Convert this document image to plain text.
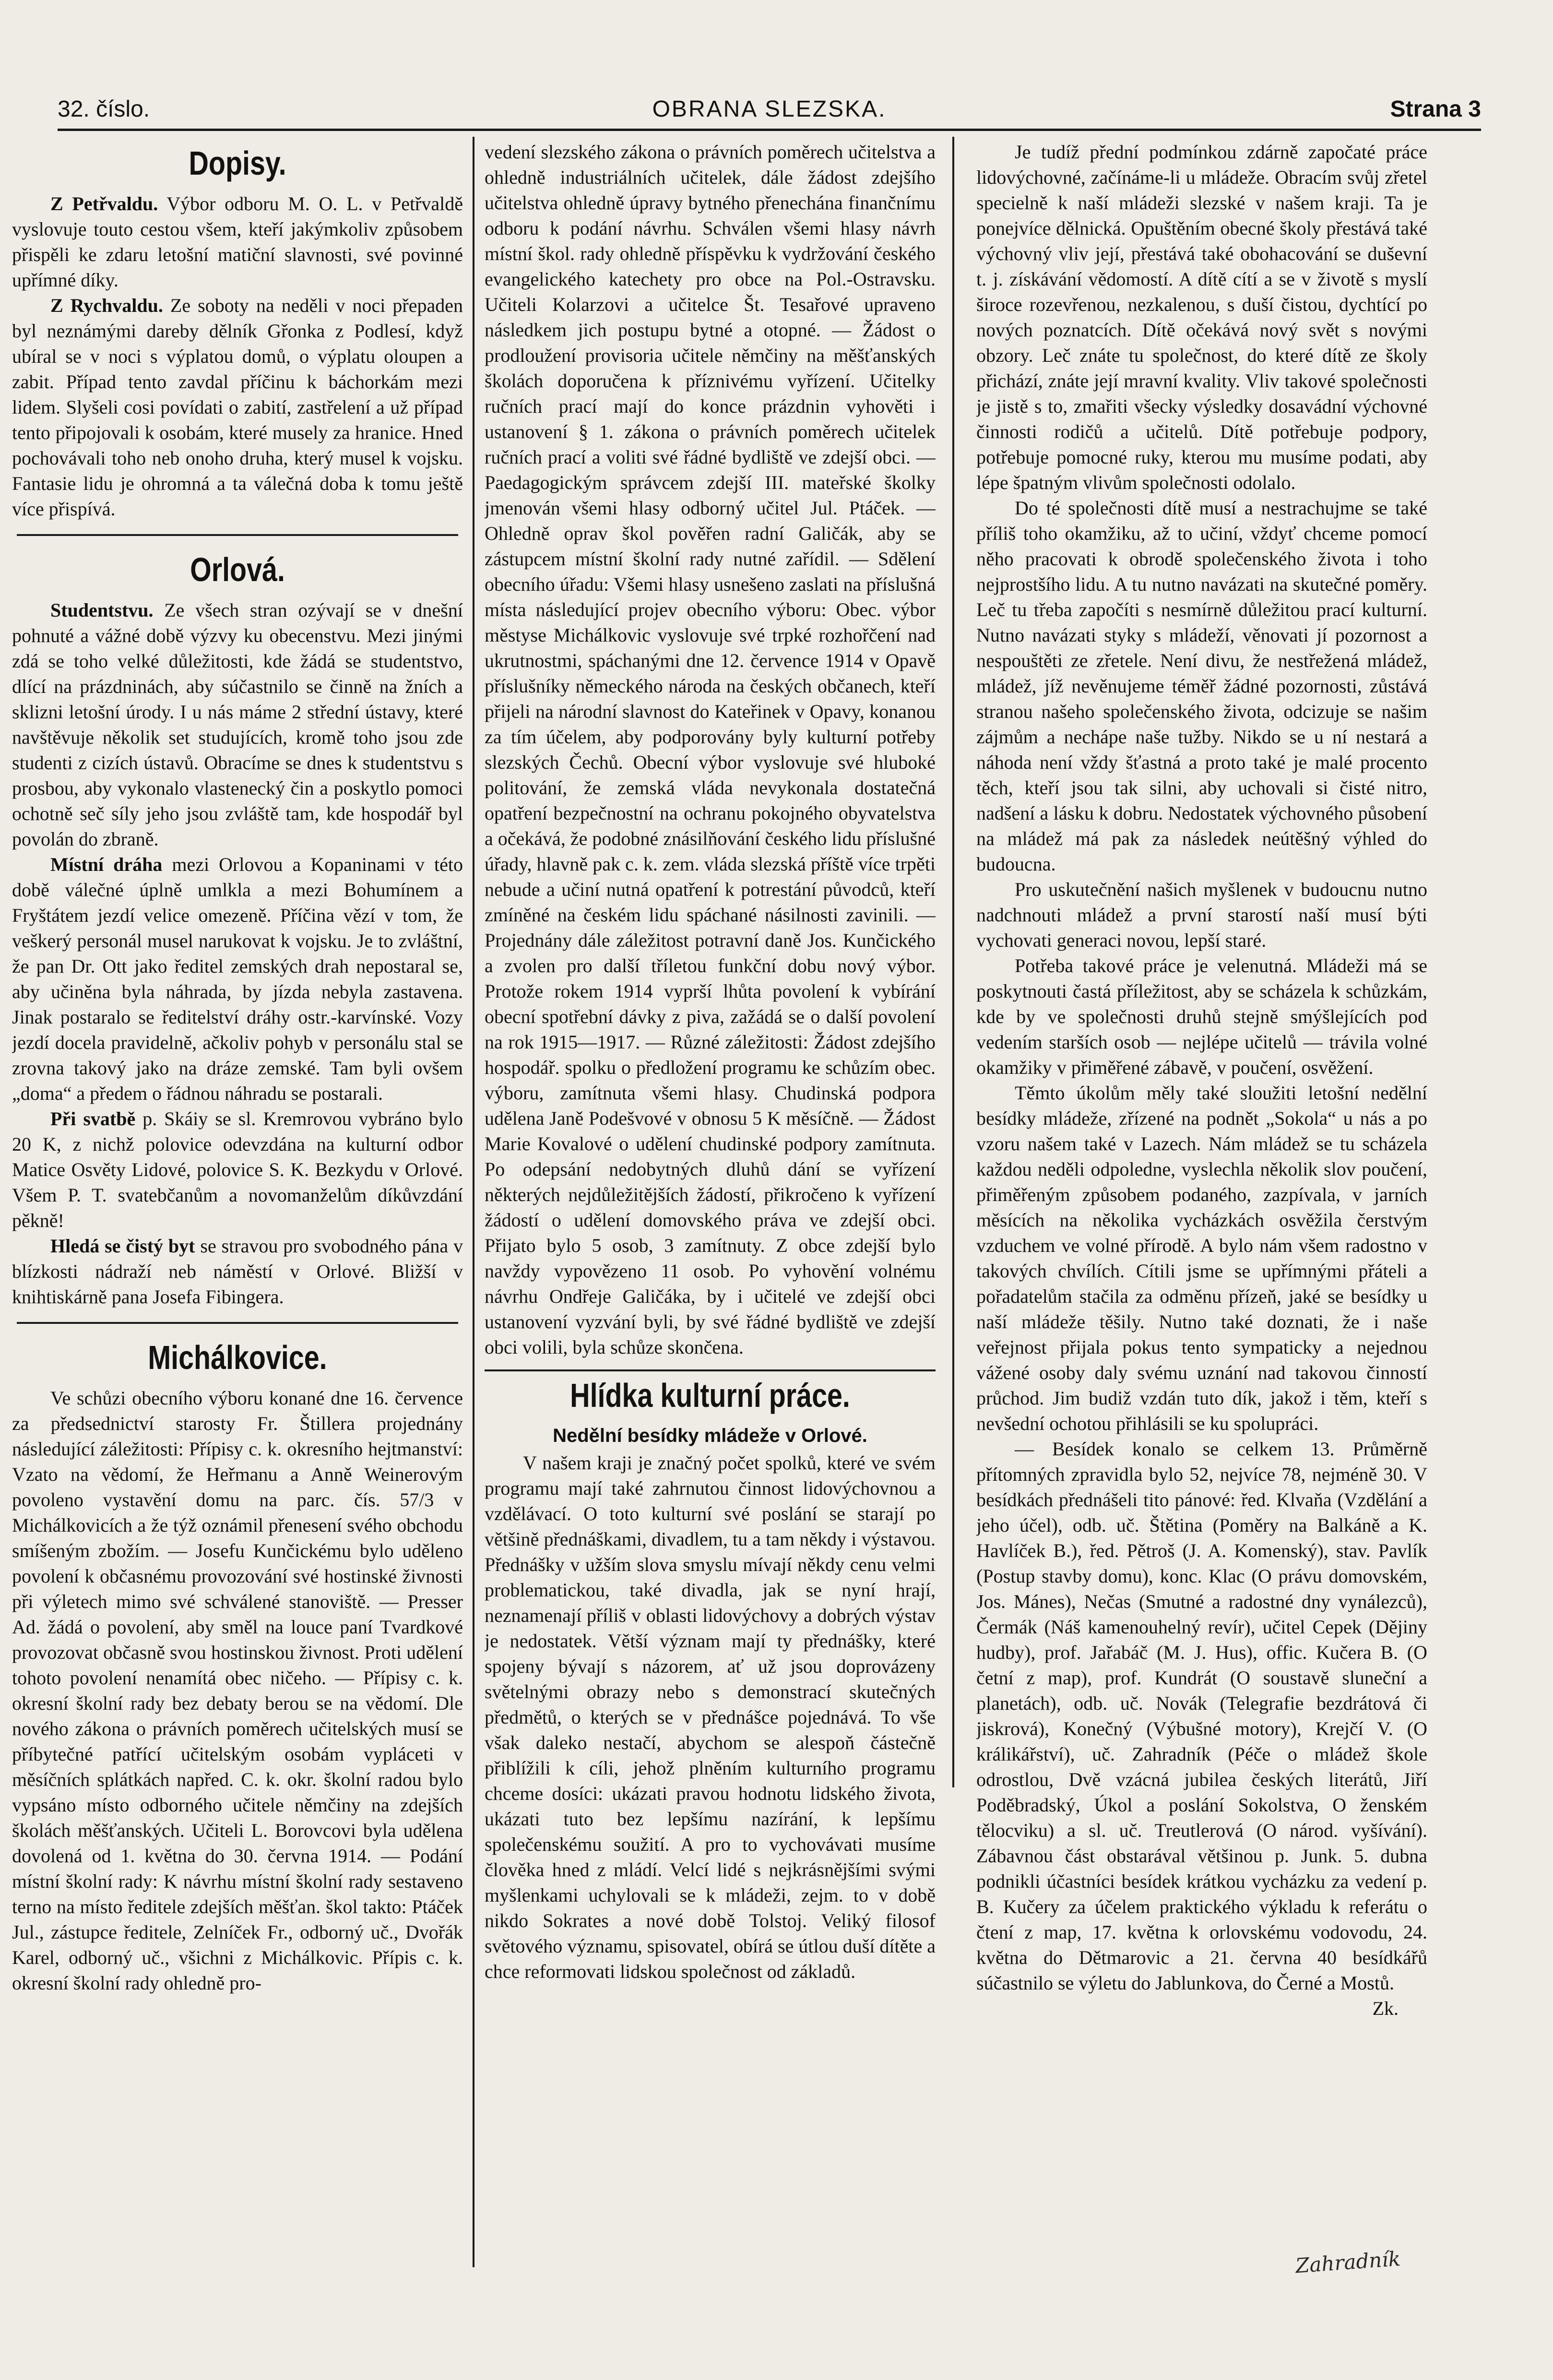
32. číslo.	OBRANA SLEZSKA.	Strana 3
Dopisy.

Z Petřvaldu. Výbor odboru M. O. L. v Petřvaldě vyslovuje touto cestou všem, kteří jakýmkoliv způsobem přispěli ke zdaru letošní matiční slavnosti, své povinné upřímné díky.

Z Rychvaldu. Ze soboty na neděli v noci přepaden byl neznámými dareby dělník Gřonka z Podlesí, když ubíral se v noci s výplatou domů, o výplatu oloupen a zabit. Případ tento zavdal příčinu k báchorkám mezi lidem. Slyšeli cosi povídati o zabití, zastřelení a už případ tento připojovali k osobám, které musely za hranice. Hned pochovávali toho neb onoho druha, který musel k vojsku. Fantasie lidu je ohromná a ta válečná doba k tomu ještě více přispívá.

Orlová.

Studentstvu. Ze všech stran ozývají se v dnešní pohnuté a vážné době výzvy ku obecenstvu. Mezi jinými zdá se toho velké důležitosti, kde žádá se studentstvo, dlící na prázdninách, aby súčastnilo se činně na žních a sklizni letošní úrody. I u nás máme 2 střední ústavy, které navštěvuje několik set studujících, kromě toho jsou zde studenti z cizích ústavů. Obracíme se dnes k studentstvu s prosbou, aby vykonalo vlastenecký čin a poskytlo pomoci ochotně seč síly jeho jsou zvláště tam, kde hospodář byl povolán do zbraně.

Místní dráha mezi Orlovou a Kopaninami v této době válečné úplně umlkla a mezi Bohumínem a Fryštátem jezdí velice omezeně. Příčina vězí v tom, že veškerý personál musel narukovat k vojsku. Je to zvláštní, že pan Dr. Ott jako ředitel zemských drah nepostaral se, aby učiněna byla náhrada, by jízda nebyla zastavena. Jinak postaralo se ředitelství dráhy ostr.-karvínské. Vozy jezdí docela pravidelně, ačkoliv pohyb v personálu stal se zrovna takový jako na dráze zemské. Tam byli ovšem „doma“ a předem o řádnou náhradu se postarali.

Při svatbě p. Skáiy se sl. Kremrovou vybráno bylo 20 K, z nichž polovice odevzdána na kulturní odbor Matice Osvěty Lidové, polovice S. K. Bezkydu v Orlové. Všem P. T. svatebčanům a novomanželům díkůvzdání pěkně!

Hledá se čistý byt se stravou pro svobodného pána v blízkosti nádraží neb náměstí v Orlové. Bližší v knihtiskárně pana Josefa Fibingera.

Michálkovice.

Ve schůzi obecního výboru konané dne 16. července za předsednictví starosty Fr. Štillera projednány následující záležitosti: Přípisy c. k. okresního hejtmanství: Vzato na vědomí, že Heřmanu a Anně Weinerovým povoleno vystavění domu na parc. čís. 57/3 v Michálkovicích a že týž oznámil přenesení svého obchodu smíšeným zbožím. — Josefu Kunčickému bylo uděleno povolení k občasnému provozování své hostinské živnosti při výletech mimo své schválené stanoviště. — Presser Ad. žádá o povolení, aby směl na louce paní Tvardkové provozovat občasně svou hostinskou živnost. Proti udělení tohoto povolení nenamítá obec ničeho. — Přípisy c. k. okresní školní rady bez debaty berou se na vědomí. Dle nového zákona o právních poměrech učitelských musí se příbytečné patřící učitelským osobám vypláceti v měsíčních splátkách napřed. C. k. okr. školní radou bylo vypsáno místo odborného učitele němčiny na zdejších školách měšťanských. Učiteli L. Borovcovi byla udělena dovolená od 1. května do 30. června 1914. — Podání místní školní rady: K návrhu místní školní rady sestaveno terno na místo ředitele zdejších měšťan. škol takto: Ptáček Jul., zástupce ředitele, Zelníček Fr., odborný uč., Dvořák Karel, odborný uč., všichni z Michálkovic. Přípis c. k. okresní školní rady ohledně pro-

vedení slezského zákona o právních poměrech učitelstva a ohledně industriálních učitelek, dále žádost zdejšího učitelstva ohledně úpravy bytného přenechána finančnímu odboru k podání návrhu. Schválen všemi hlasy návrh místní škol. rady ohledně příspěvku k vydržování českého evangelického katechety pro obce na Pol.-Ostravsku. Učiteli Kolarzovi a učitelce Št. Tesařové upraveno následkem jich postupu bytné a otopné. — Žádost o prodloužení provisoria učitele němčiny na měšťanských školách doporučena k příznivému vyřízení. Učitelky ručních prací mají do konce prázdnin vyhověti i ustanovení § 1. zákona o právních poměrech učitelek ručních prací a voliti své řádné bydliště ve zdejší obci. — Paedagogickým správcem zdejší III. mateřské školky jmenován všemi hlasy odborný učitel Jul. Ptáček. — Ohledně oprav škol pověřen radní Galičák, aby se zástupcem místní školní rady nutné zařídil. — Sdělení obecního úřadu: Všemi hlasy usnešeno zaslati na příslušná místa následující projev obecního výboru: Obec. výbor městyse Michálkovic vyslovuje své trpké rozhořčení nad ukrutnostmi, spáchanými dne 12. července 1914 v Opavě příslušníky německého národa na českých občanech, kteří přijeli na národní slavnost do Kateřinek v Opavy, konanou za tím účelem, aby podporovány byly kulturní potřeby slezských Čechů. Obecní výbor vyslovuje své hluboké politování, že zemská vláda nevykonala dostatečná opatření bezpečnostní na ochranu pokojného obyvatelstva a očekává, že podobné znásilňování českého lidu příslušné úřady, hlavně pak c. k. zem. vláda slezská příště více trpěti nebude a učiní nutná opatření k potrestání původců, kteří zmíněné na českém lidu spáchané násilnosti zavinili. — Projednány dále záležitost potravní daně Jos. Kunčického a zvolen pro další tříletou funkční dobu nový výbor. Protože rokem 1914 vyprší lhůta povolení k vybírání obecní spotřební dávky z piva, zažádá se o další povolení na rok 1915—1917. — Různé záležitosti: Žádost zdejšího hospodář. spolku o předložení programu ke schůzím obec. výboru, zamítnuta všemi hlasy. Chudinská podpora udělena Janě Podešvové v obnosu 5 K měsíčně. — Žádost Marie Kovalové o udělení chudinské podpory zamítnuta. Po odepsání nedobytných dluhů dání se vyřízení některých nejdůležitějších žádostí, přikročeno k vyřízení žádostí o udělení domovského práva ve zdejší obci. Přijato bylo 5 osob, 3 zamítnuty. Z obce zdejší bylo navždy vypovězeno 11 osob. Po vyhovění volnému návrhu Ondřeje Galičáka, by i učitelé ve zdejší obci ustanovení vyzvání byli, by své řádné bydliště ve zdejší obci volili, byla schůze skončena.

Hlídka kulturní práce.
Nedělní besídky mládeže v Orlové.

V našem kraji je značný počet spolků, které ve svém programu mají také zahrnutou činnost lidovýchovnou a vzdělávací. O toto kulturní své poslání se starají po většině přednáškami, divadlem, tu a tam někdy i výstavou. Přednášky v užším slova smyslu mívají někdy cenu velmi problematickou, také divadla, jak se nyní hrají, neznamenají příliš v oblasti lidovýchovy a dobrých výstav je nedostatek. Větší význam mají ty přednášky, které spojeny bývají s názorem, ať už jsou doprovázeny světelnými obrazy nebo s demonstrací skutečných předmětů, o kterých se v přednášce pojednává. To vše však daleko nestačí, abychom se alespoň částečně přiblížili k cíli, jehož plněním kulturního programu chceme dosíci: ukázati pravou hodnotu lidského života, ukázati tuto bez lepšímu nazírání, k lepšímu společenskému soužití. A pro to vychovávati musíme člověka hned z mládí. Velcí lidé s nejkrásnějšími svými myšlenkami uchylovali se k mládeži, zejm. to v době nikdo Sokrates a nové době Tolstoj. Veliký filosof světového významu, spisovatel, obírá se útlou duší dítěte a chce reformovati lidskou společnost od základů.

Je tudíž přední podmínkou zdárně započaté práce lidovýchovné, začínáme-li u mládeže. Obracím svůj zřetel specielně k naší mládeži slezské v našem kraji. Ta je ponejvíce dělnická. Opuštěním obecné školy přestává také výchovný vliv její, přestává také obohacování se duševní t. j. získávání vědomostí. A dítě cítí a se v životě s myslí široce rozevřenou, nezkalenou, s duší čistou, dychtící po nových poznatcích. Dítě očekává nový svět s novými obzory. Leč znáte tu společnost, do které dítě ze školy přichází, znáte její mravní kvality. Vliv takové společnosti je jistě s to, zmařiti všecky výsledky dosavádní výchovné činnosti rodičů a učitelů. Dítě potřebuje podpory, potřebuje pomocné ruky, kterou mu musíme podati, aby lépe špatným vlivům společnosti odolalo.

Do té společnosti dítě musí a nestrachujme se také příliš toho okamžiku, až to učiní, vždyť chceme pomocí něho pracovati k obrodě společenského života i toho nejprostšího lidu. A tu nutno navázati na skutečné poměry. Leč tu třeba započíti s nesmírně důležitou prací kulturní. Nutno navázati styky s mládeží, věnovati jí pozornost a nespouštěti ze zřetele. Není divu, že nestřežená mládež, mládež, jíž nevěnujeme téměř žádné pozornosti, zůstává stranou našeho společenského života, odcizuje se našim zájmům a nechápe naše tužby. Nikdo se u ní nestará a náhoda není vždy šťastná a proto také je malé procento těch, kteří jsou tak silni, aby uchovali si čisté nitro, nadšení a lásku k dobru. Nedostatek výchovného působení na mládež má pak za následek neútěšný výhled do budoucna.

Pro uskutečnění našich myšlenek v budoucnu nutno nadchnouti mládež a první starostí naší musí býti vychovati generaci novou, lepší staré.

Potřeba takové práce je velenutná. Mládeži má se poskytnouti častá příležitost, aby se scházela k schůzkám, kde by ve společnosti druhů stejně smýšlejících pod vedením starších osob — nejlépe učitelů — trávila volné okamžiky v přiměřené zábavě, v poučení, osvěžení.

Těmto úkolům měly také sloužiti letošní nedělní besídky mládeže, zřízené na podnět „Sokola“ u nás a po vzoru našem také v Lazech. Nám mládež se tu scházela každou neděli odpoledne, vyslechla několik slov poučení, přiměřeným způsobem podaného, zazpívala, v jarních měsících na několika vycházkách osvěžila čerstvým vzduchem ve volné přírodě. A bylo nám všem radostno v takových chvílích. Cítili jsme se upřímnými přáteli a pořadatelům stačila za odměnu přízeň, jaké se besídky u naší mládeže těšily. Nutno také doznati, že i naše veřejnost přijala pokus tento sympaticky a nejednou vážené osoby daly svému uznání nad takovou činností průchod. Jim budiž vzdán tuto dík, jakož i těm, kteří s nevšední ochotou přihlásili se ku spolupráci.

— Besídek konalo se celkem 13. Průměrně přítomných zpravidla bylo 52, nejvíce 78, nejméně 30. V besídkách přednášeli tito pánové: řed. Klvaňa (Vzdělání a jeho účel), odb. uč. Štětina (Poměry na Balkáně a K. Havlíček B.), řed. Pětroš (J. A. Komenský), stav. Pavlík (Postup stavby domu), konc. Klac (O právu domovském, Jos. Mánes), Nečas (Smutné a radostné dny vynálezců), Čermák (Náš kamenouhelný revír), učitel Cepek (Dějiny hudby), prof. Jařabáč (M. J. Hus), offic. Kučera B. (O četní z map), prof. Kundrát (O soustavě sluneční a planetách), odb. uč. Novák (Telegrafie bezdrátová či jiskrová), Konečný (Výbušné motory), Krejčí V. (O králikářství), uč. Zahradník (Péče o mládež škole odrostlou, Dvě vzácná jubilea českých literátů, Jiří Poděbradský, Úkol a poslání Sokolstva, O ženském tělocviku) a sl. uč. Treutlerová (O národ. vyšívání). Zábavnou část obstarával většinou p. Junk. 5. dubna podnikli účastníci besídek krátkou vycházku za vedení p. B. Kučery za účelem praktického výkladu k referátu o čtení z map, 17. května k orlovskému vodovodu, 24. května do Dětmarovic a 21. června 40 besídkářů súčastnilo se výletu do Jablunkova, do Černé a Mostů.

Zk.
Zahradník
